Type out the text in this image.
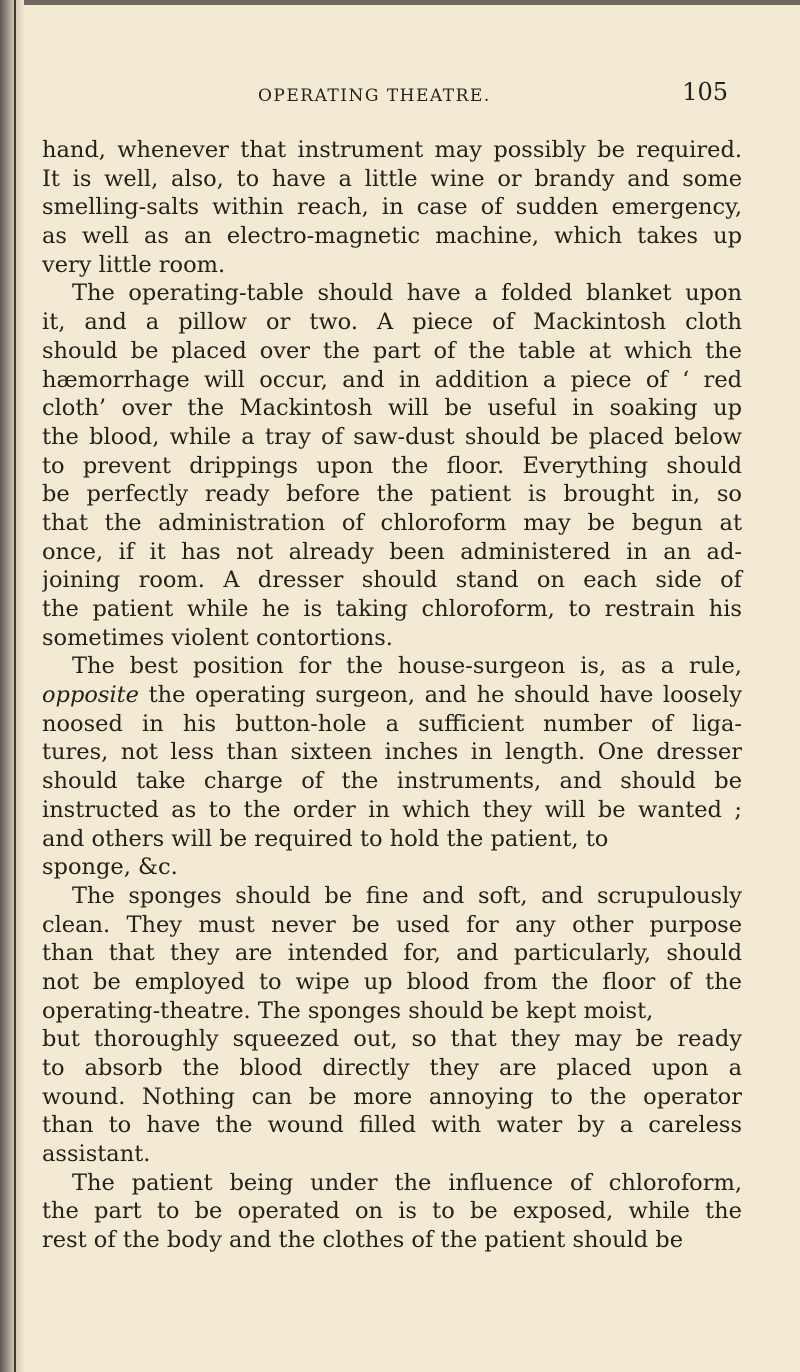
OPERATING THEATRE.	105
hand, whenever that instrument may possibly be required.
It is well, also, to have a little wine or brandy and some
smelling-salts within reach, in case of sudden emergency,
as well as an electro-magnetic machine, which takes up
very little room.
The operating-table should have a folded blanket upon
it, and a pillow or two. A piece of Mackintosh cloth
should be placed over the part of the table at which the
hæmorrhage will occur, and in addition a piece of ‘ red
cloth’ over the Mackintosh will be useful in soaking up
the blood, while a tray of saw-dust should be placed below
to prevent drippings upon the floor. Everything should
be perfectly ready before the patient is brought in, so
that the administration of chloroform may be begun at
once, if it has not already been administered in an ad-
joining room. A dresser should stand on each side of
the patient while he is taking chloroform, to restrain his
sometimes violent contortions.
The best position for the house-surgeon is, as a rule,
opposite the operating surgeon, and he should have loosely
noosed in his button-hole a sufficient number of liga-
tures, not less than sixteen inches in length. One dresser
should take charge of the instruments, and should be
instructed as to the order in which they will be wanted ;
and others will be required to hold the patient, to
sponge, &c.
The sponges should be fine and soft, and scrupulously
clean. They must never be used for any other purpose
than that they are intended for, and particularly, should
not be employed to wipe up blood from the floor of the
operating-theatre. The sponges should be kept moist,
but thoroughly squeezed out, so that they may be ready
to absorb the blood directly they are placed upon a
wound. Nothing can be more annoying to the operator
than to have the wound filled with water by a careless
assistant.
The patient being under the influence of chloroform,
the part to be operated on is to be exposed, while the
rest of the body and the clothes of the patient should be
